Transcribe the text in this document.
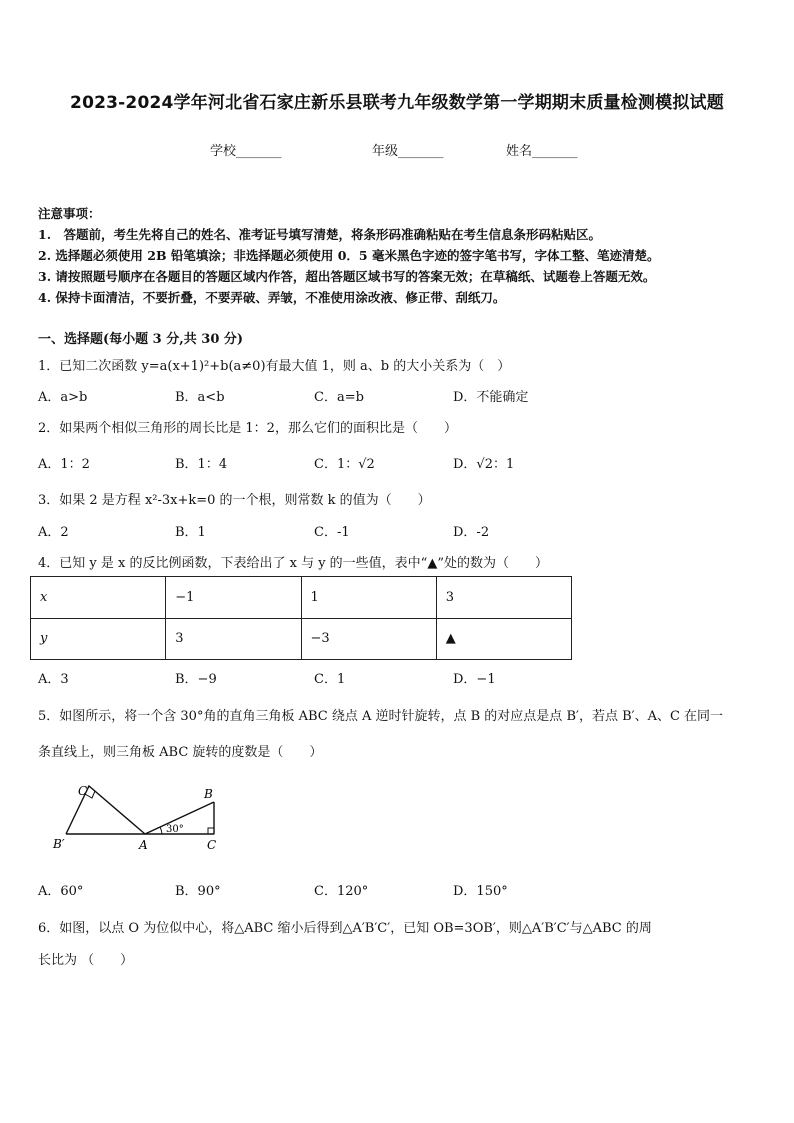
2023-2024学年河北省石家庄新乐县联考九年级数学第一学期期末质量检测模拟试题
学校_______	年级_______	姓名_______
注意事项：
1.　答题前，考生先将自己的姓名、准考证号填写清楚，将条形码准确粘贴在考生信息条形码粘贴区。
2. 选择题必须使用 2B 铅笔填涂；非选择题必须使用 0．5 毫米黑色字迹的签字笔书写，字体工整、笔迹清楚。
3. 请按照题号顺序在各题目的答题区域内作答，超出答题区域书写的答案无效；在草稿纸、试题卷上答题无效。
4. 保持卡面清洁，不要折叠，不要弄破、弄皱，不准使用涂改液、修正带、刮纸刀。
一、选择题(每小题 3 分,共 30 分)
1．已知二次函数 y=a(x+1)²+b(a≠0)有最大值 1，则 a、b 的大小关系为（　）
A．a>b	B．a<b	C．a=b	D．不能确定
2．如果两个相似三角形的周长比是 1：2，那么它们的面积比是（　　）
A．1：2	B．1：4	C．1：√2	D．√2：1
3．如果 2 是方程 x²-3x+k=0 的一个根，则常数 k 的值为（　　）
A．2	B．1	C．-1	D．-2
4．已知 y 是 x 的反比例函数，下表给出了 x 与 y 的一些值，表中“▲”处的数为（　　）
x	−1	1	3
y	3	−3	▲
A．3	B．−9	C．1	D．−1
5．如图所示，将一个含 30°角的直角三角板 ABC 绕点 A 逆时针旋转，点 B 的对应点是点 B′，若点 B′、A、C 在同一
条直线上，则三角板 ABC 旋转的度数是（　　）
C′
B′	A
B
C
30°
A．60°	B．90°	C．120°	D．150°
6．如图，以点 O 为位似中心，将△ABC 缩小后得到△A′B′C′，已知 OB=3OB′，则△A′B′C′与△ABC 的周
长比为 （　　）
